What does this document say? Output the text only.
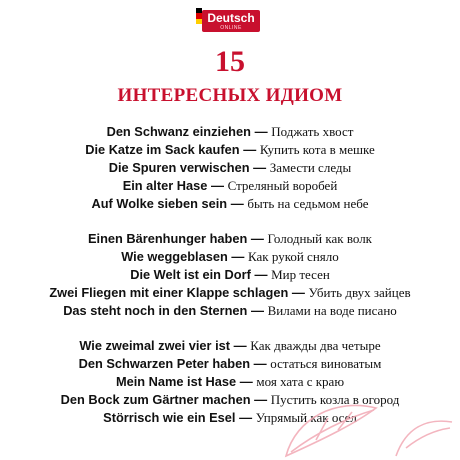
Deutsch
ONLINE
15
ИНТЕРЕСНЫХ ИДИОМ
Den Schwanz einziehen — Поджать хвост
Die Katze im Sack kaufen — Купить кота в мешке
Die Spuren verwischen — Замести следы
Ein alter Hase — Стреляный воробей
Auf Wolke sieben sein — быть на седьмом небе
Einen Bärenhunger haben — Голодный как волк
Wie weggeblasen — Как рукой сняло
Die Welt ist ein Dorf — Мир тесен
Zwei Fliegen mit einer Klappe schlagen — Убить двух зайцев
Das steht noch in den Sternen — Вилами на воде писано
Wie zweimal zwei vier ist — Как дважды два четыре
Den Schwarzen Peter haben — остаться виноватым
Mein Name ist Hase — моя хата с краю
Den Bock zum Gärtner machen — Пустить козла в огород
Störrisch wie ein Esel — Упрямый как осел
